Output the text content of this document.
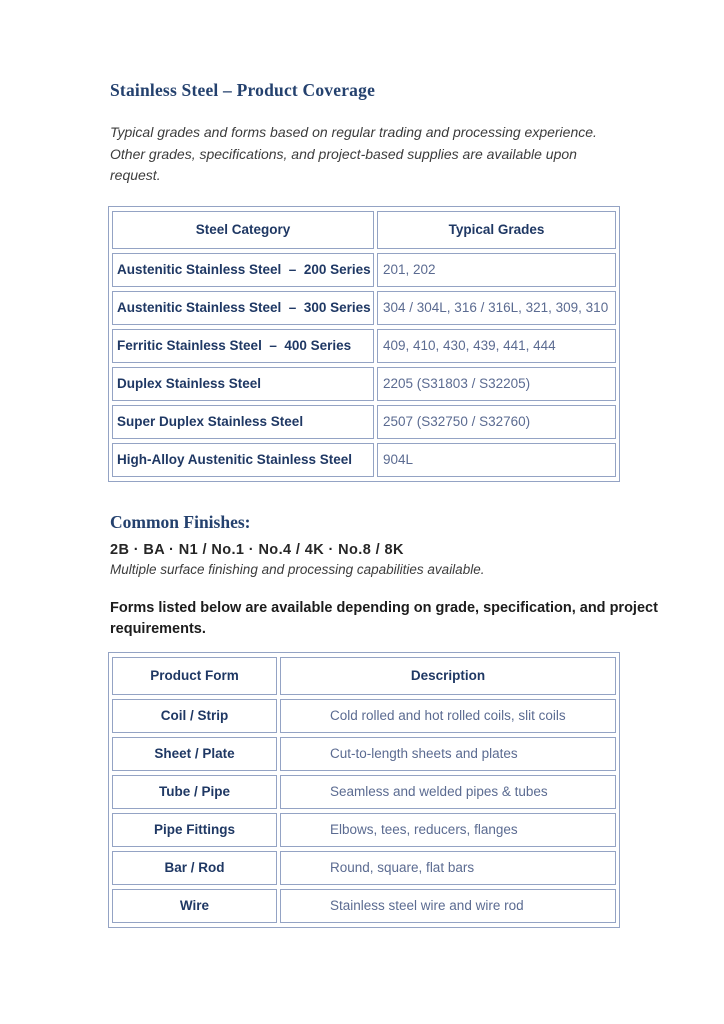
Stainless Steel – Product Coverage

Typical grades and forms based on regular trading and processing experience.
Other grades, specifications, and project-based supplies are available upon
request.

Steel Category	Typical Grades
Austenitic Stainless Steel  –  200 Series	201, 202
Austenitic Stainless Steel  –  300 Series	304 / 304L, 316 / 316L, 321, 309, 310
Ferritic Stainless Steel  –  400 Series	409, 410, 430, 439, 441, 444
Duplex Stainless Steel	2205 (S31803 / S32205)
Super Duplex Stainless Steel	2507 (S32750 / S32760)
High-Alloy Austenitic Stainless Steel	904L
Common Finishes:
2B · BA · N1 / No.1 · No.4 / 4K · No.8 / 8K
Multiple surface finishing and processing capabilities available.

Forms listed below are available depending on grade, specification, and project
requirements.

Product Form	Description
Coil / Strip	Cold rolled and hot rolled coils, slit coils
Sheet / Plate	Cut-to-length sheets and plates
Tube / Pipe	Seamless and welded pipes & tubes
Pipe Fittings	Elbows, tees, reducers, flanges
Bar / Rod	Round, square, flat bars
Wire	Stainless steel wire and wire rod
